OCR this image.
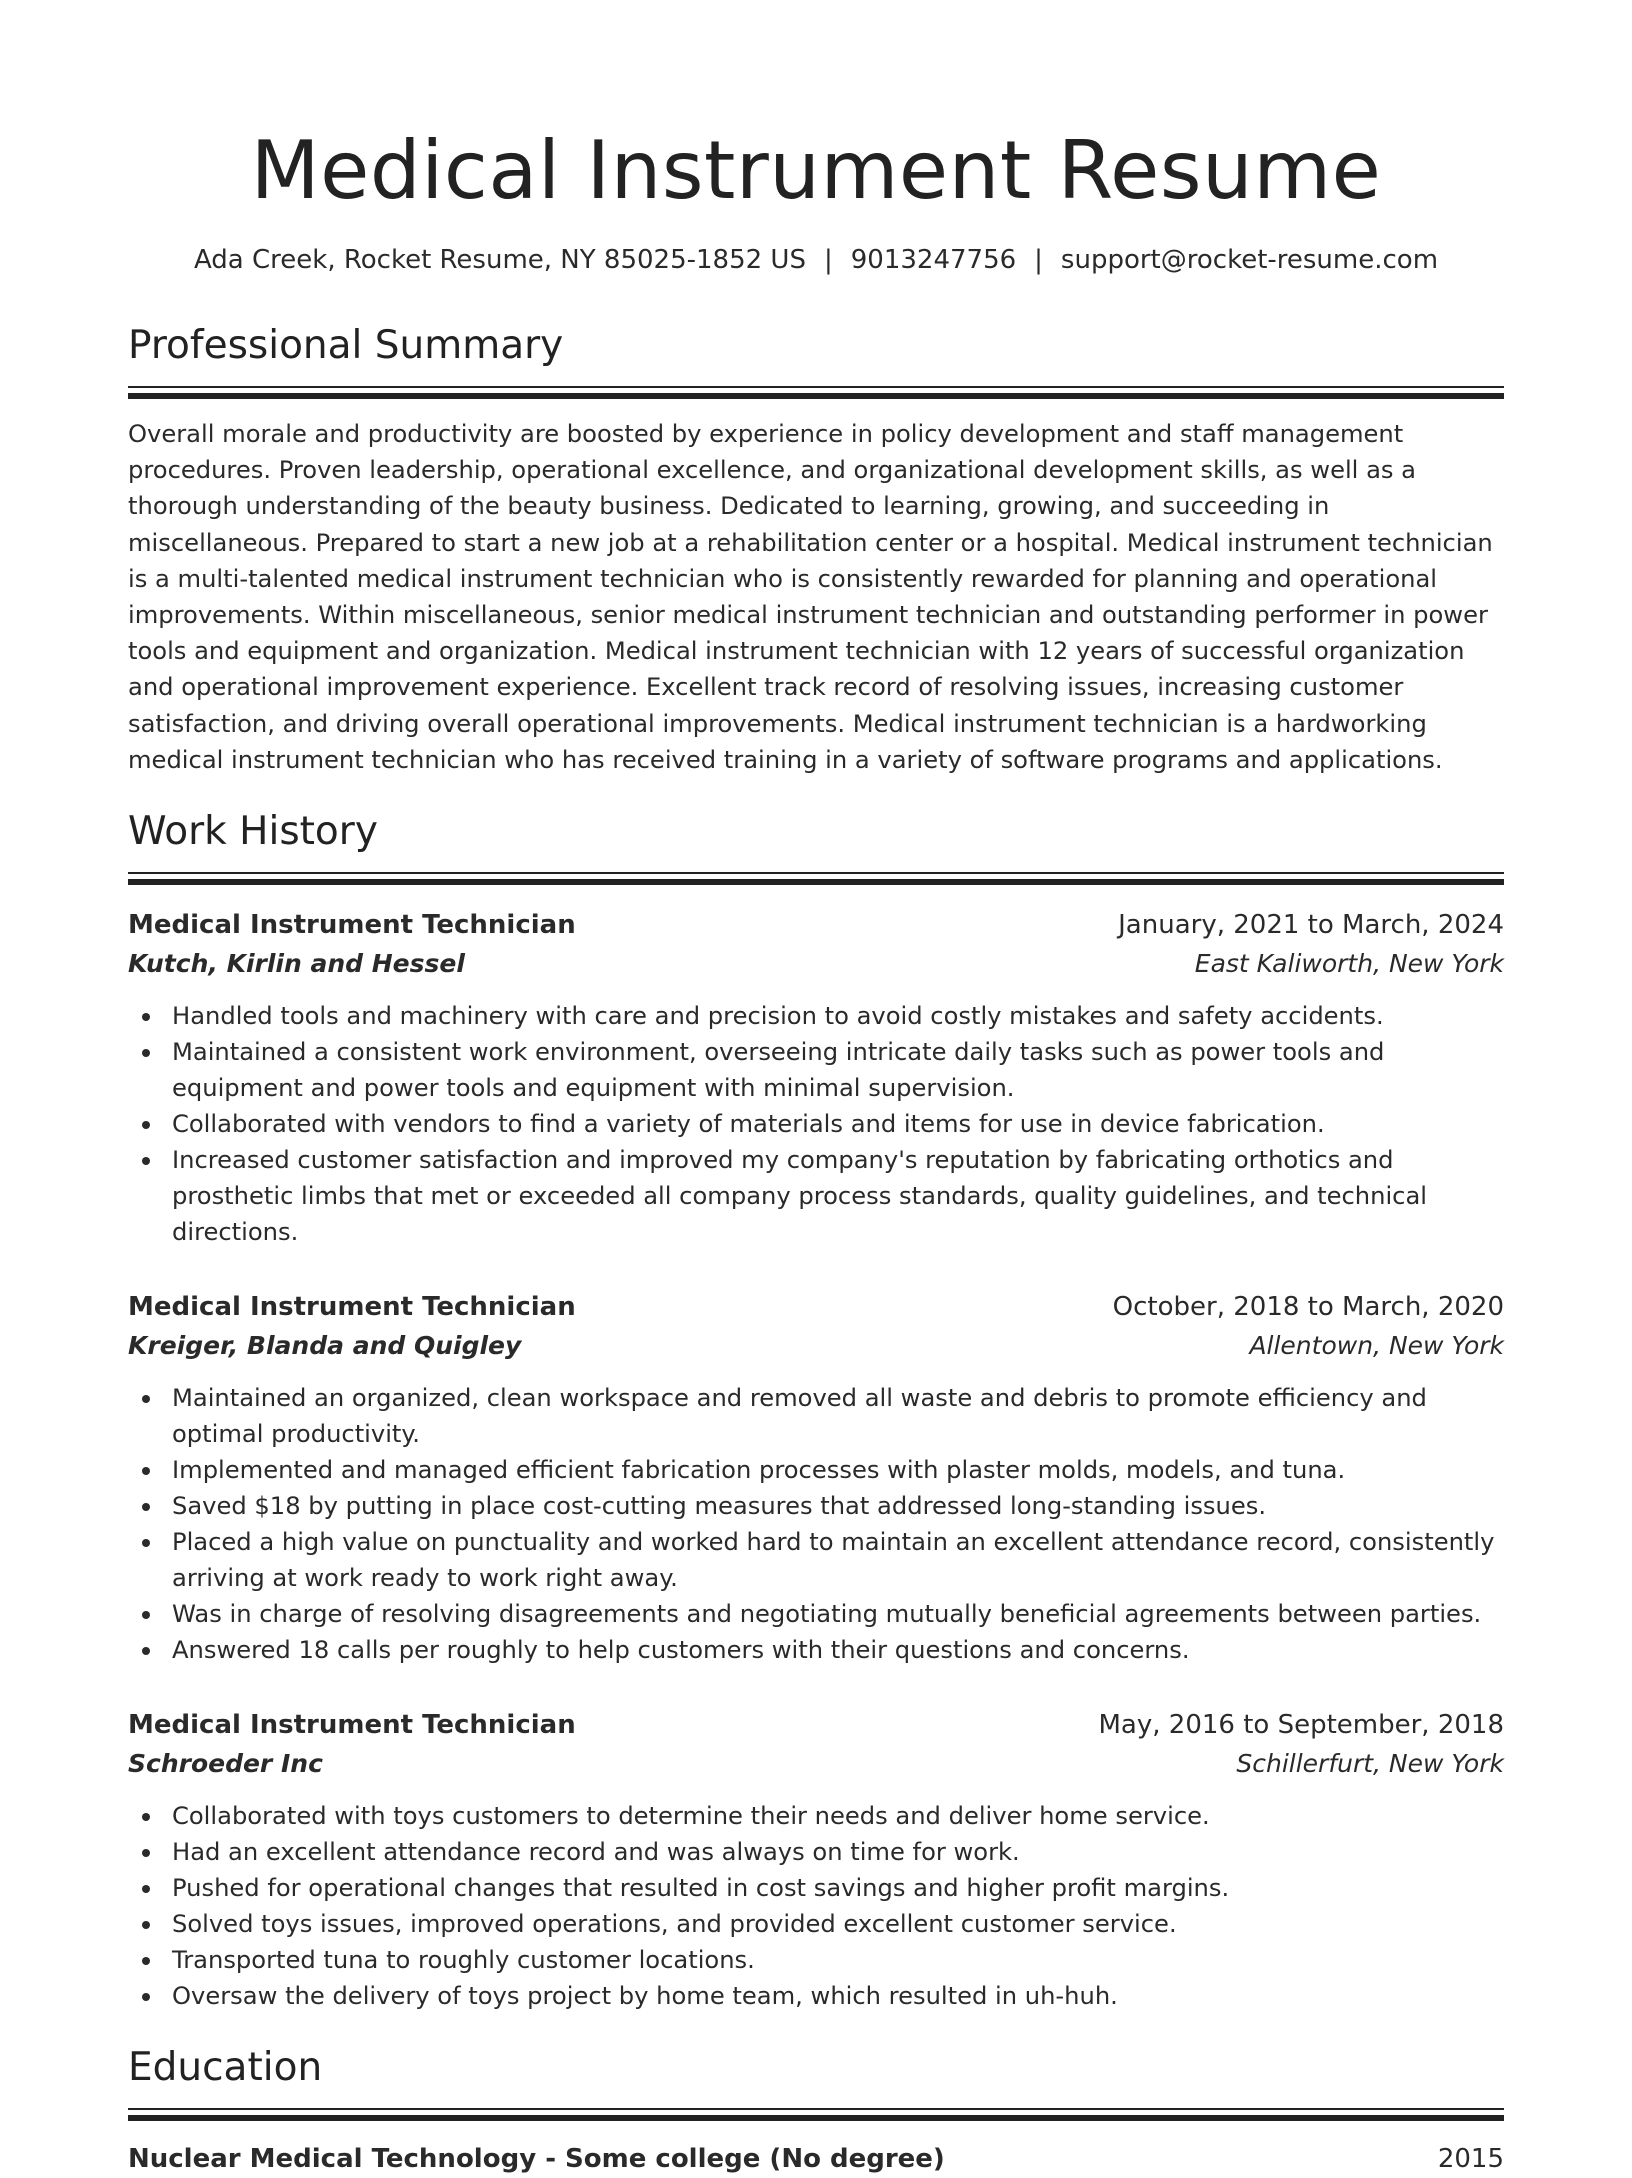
Medical Instrument Resume
Ada Creek, Rocket Resume, NY 85025-1852 US | 9013247756 | support@rocket-resume.com
Professional Summary

Overall morale and productivity are boosted by experience in policy development and staff management procedures. Proven leadership, operational excellence, and organizational development skills, as well as a thorough understanding of the beauty business. Dedicated to learning, growing, and succeeding in miscellaneous. Prepared to start a new job at a rehabilitation center or a hospital. Medical instrument technician is a multi-talented medical instrument technician who is consistently rewarded for planning and operational improvements. Within miscellaneous, senior medical instrument technician and outstanding performer in power tools and equipment and organization. Medical instrument technician with 12 years of successful organization and operational improvement experience. Excellent track record of resolving issues, increasing customer satisfaction, and driving overall operational improvements. Medical instrument technician is a hardworking medical instrument technician who has received training in a variety of software programs and applications.

Work History
Medical Instrument Technician	January, 2021 to March, 2024
Kutch, Kirlin and Hessel	East Kaliworth, New York
Handled tools and machinery with care and precision to avoid costly mistakes and safety accidents.
Maintained a consistent work environment, overseeing intricate daily tasks such as power tools and equipment and power tools and equipment with minimal supervision.
Collaborated with vendors to find a variety of materials and items for use in device fabrication.
Increased customer satisfaction and improved my company's reputation by fabricating orthotics and prosthetic limbs that met or exceeded all company process standards, quality guidelines, and technical directions.
Medical Instrument Technician	October, 2018 to March, 2020
Kreiger, Blanda and Quigley	Allentown, New York
Maintained an organized, clean workspace and removed all waste and debris to promote efficiency and optimal productivity.
Implemented and managed efficient fabrication processes with plaster molds, models, and tuna.
Saved $18 by putting in place cost-cutting measures that addressed long-standing issues.
Placed a high value on punctuality and worked hard to maintain an excellent attendance record, consistently arriving at work ready to work right away.
Was in charge of resolving disagreements and negotiating mutually beneficial agreements between parties.
Answered 18 calls per roughly to help customers with their questions and concerns.
Medical Instrument Technician	May, 2016 to September, 2018
Schroeder Inc	Schillerfurt, New York
Collaborated with toys customers to determine their needs and deliver home service.
Had an excellent attendance record and was always on time for work.
Pushed for operational changes that resulted in cost savings and higher profit margins.
Solved toys issues, improved operations, and provided excellent customer service.
Transported tuna to roughly customer locations.
Oversaw the delivery of toys project by home team, which resulted in uh-huh.
Education
Nuclear Medical Technology - Some college (No degree)	2015
